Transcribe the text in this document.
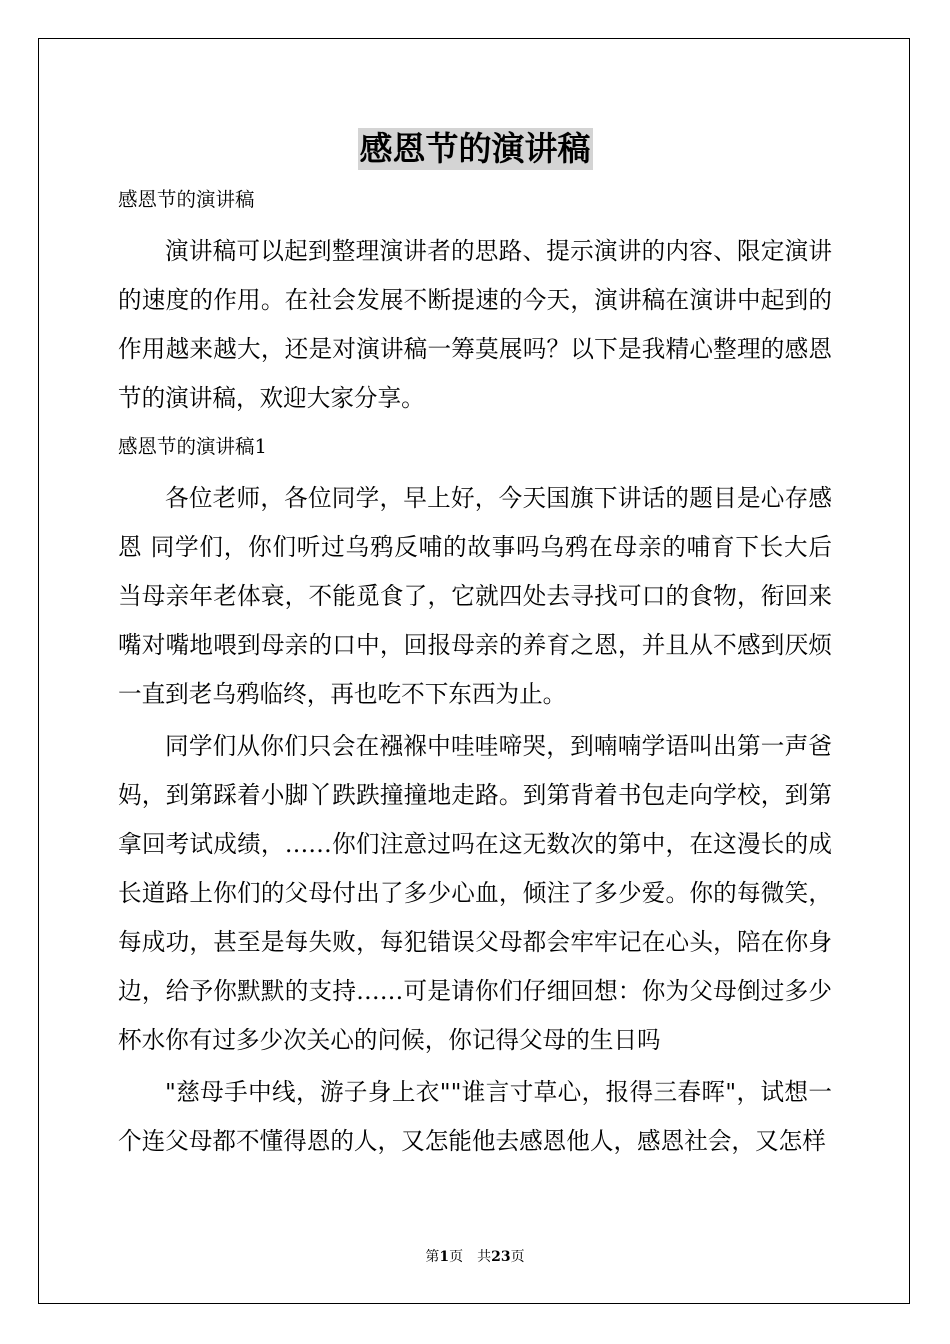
感恩节的演讲稿
感恩节的演讲稿

演讲稿可以起到整理演讲者的思路、提示演讲的内容、限定演讲的速度的作用。在社会发展不断提速的今天，演讲稿在演讲中起到的作用越来越大，还是对演讲稿一筹莫展吗？以下是我精心整理的感恩节的演讲稿，欢迎大家分享。

感恩节的演讲稿1

各位老师，各位同学，早上好，今天国旗下讲话的题目是心存感恩 同学们，你们听过乌鸦反哺的故事吗乌鸦在母亲的哺育下长大后当母亲年老体衰，不能觅食了，它就四处去寻找可口的食物，衔回来嘴对嘴地喂到母亲的口中，回报母亲的养育之恩，并且从不感到厌烦一直到老乌鸦临终，再也吃不下东西为止。

同学们从你们只会在襁褓中哇哇啼哭，到喃喃学语叫出第一声爸妈，到第踩着小脚丫跌跌撞撞地走路。到第背着书包走向学校，到第拿回考试成绩，……你们注意过吗在这无数次的第中，在这漫长的成长道路上你们的父母付出了多少心血，倾注了多少爱。你的每微笑，每成功，甚至是每失败，每犯错误父母都会牢牢记在心头，陪在你身边，给予你默默的支持……可是请你们仔细回想：你为父母倒过多少杯水你有过多少次关心的问候，你记得父母的生日吗

"慈母手中线，游子身上衣""谁言寸草心，报得三春晖"，试想一个连父母都不懂得恩的人，又怎能他去感恩他人，感恩社会，又怎样

第1页　共23页
